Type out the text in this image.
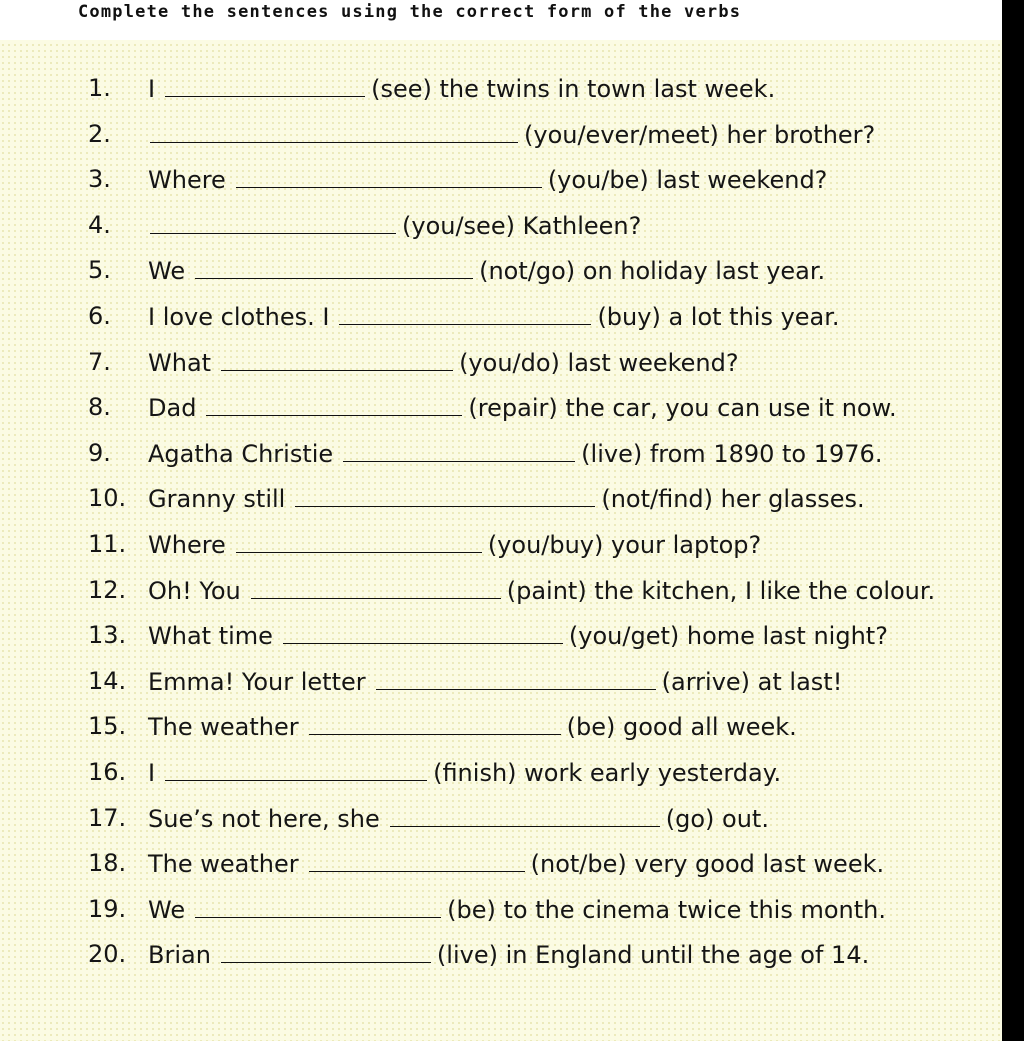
Complete the sentences using the correct form of the verbs
1. I	(see) the twins in town last week.
2.	(you/ever/meet) her brother?
3. Where	(you/be) last weekend?
4.	(you/see) Kathleen?
5. We	(not/go) on holiday last year.
6. I love clothes. I	(buy) a lot this year.
7. What	(you/do) last weekend?
8. Dad	(repair) the car, you can use it now.
9. Agatha Christie	(live) from 1890 to 1976.
10. Granny still	(not/find) her glasses.
11. Where	(you/buy) your laptop?
12. Oh! You	(paint) the kitchen, I like the colour.
13. What time	(you/get) home last night?
14. Emma! Your letter	(arrive) at last!
15. The weather	(be) good all week.
16. I	(finish) work early yesterday.
17. Sue’s not here, she	(go) out.
18. The weather	(not/be) very good last week.
19. We	(be) to the cinema twice this month.
20. Brian	(live) in England until the age of 14.
